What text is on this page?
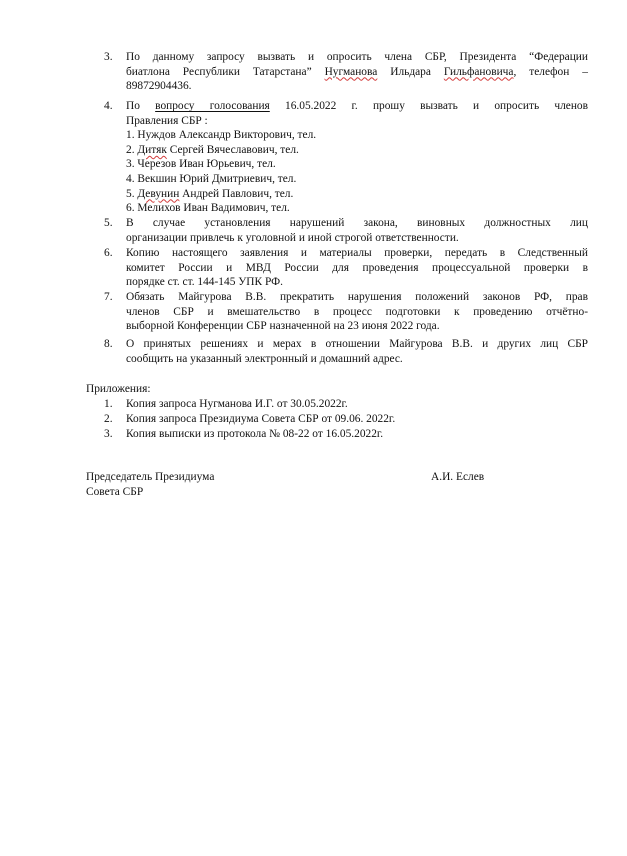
3.	По данному запросу вызвать и опросить члена СБР, Президента “Федерации
биатлона Республики Татарстана” Нугманова Ильдара Гильфановича, телефон –
89872904436.
4.	По вопросу голосования 16.05.2022 г. прошу вызвать и опросить членов
Правления СБР :
1. Нуждов Александр Викторович, тел.
2. Дитяк Сергей Вячеславович, тел.
3. Черезов Иван Юрьевич, тел.
4. Векшин Юрий Дмитриевич, тел.
5. Девунин Андрей Павлович, тел.
6. Мелихов Иван Вадимович, тел.
5.	В случае установления нарушений закона, виновных должностных лиц
организации привлечь к уголовной и иной строгой ответственности.
6.	Копию настоящего заявления и материалы проверки, передать в Следственный
комитет России и МВД России для проведения процессуальной проверки в
порядке ст. ст. 144-145 УПК РФ.
7.	Обязать Майгурова В.В. прекратить нарушения положений законов РФ, прав
членов СБР и вмешательство в процесс подготовки к проведению отчётно-
выборной Конференции СБР назначенной на 23 июня 2022 года.
8.	О принятых решениях и мерах в отношении Майгурова В.В. и других лиц СБР
сообщить на указанный электронный и домашний адрес.
Приложения:
1.	Копия запроса Нугманова И.Г. от 30.05.2022г.
2.	Копия запроса Президиума Совета СБР от 09.06. 2022г.
3.	Копия выписки из протокола № 08-22 от 16.05.2022г.
Председатель Президиума
Совета СБР
А.И. Еслев
